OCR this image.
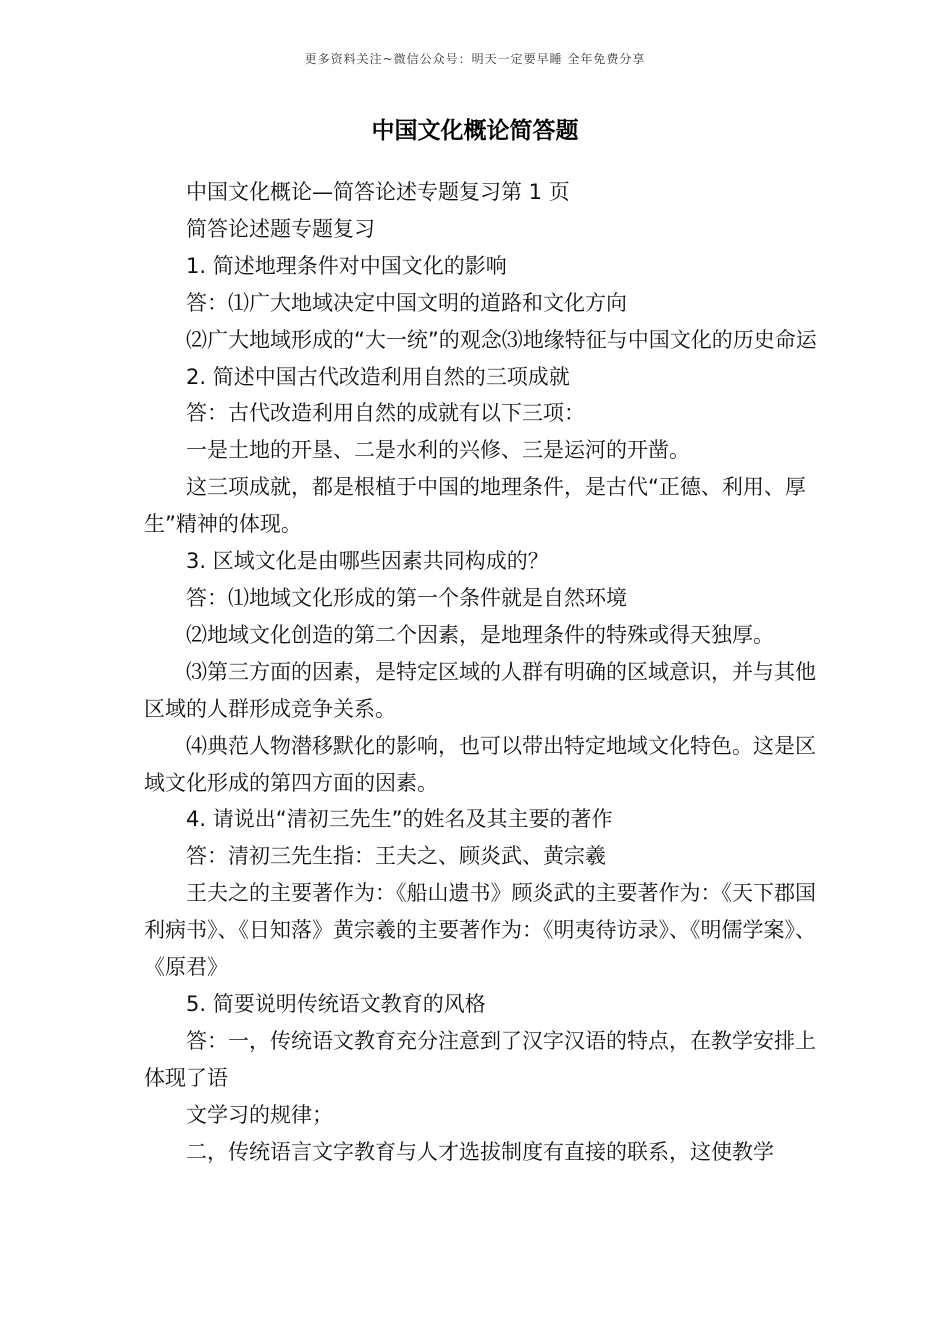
更多资料关注~微信公众号：明天一定要早睡 全年免费分享
中国文化概论简答题

中国文化概论—简答论述专题复习第 1 页

简答论述题专题复习

1. 简述地理条件对中国文化的影响

答：⑴广大地域决定中国文明的道路和文化方向

⑵广大地域形成的“大一统”的观念⑶地缘特征与中国文化的历史命运

2. 简述中国古代改造利用自然的三项成就

答：古代改造利用自然的成就有以下三项：

一是土地的开垦、二是水利的兴修、三是运河的开凿。

这三项成就，都是根植于中国的地理条件，是古代“正德、利用、厚生”精神的体现。

3. 区域文化是由哪些因素共同构成的？

答：⑴地域文化形成的第一个条件就是自然环境

⑵地域文化创造的第二个因素，是地理条件的特殊或得天独厚。

⑶第三方面的因素，是特定区域的人群有明确的区域意识，并与其他区域的人群形成竞争关系。

⑷典范人物潜移默化的影响，也可以带出特定地域文化特色。这是区域文化形成的第四方面的因素。

4. 请说出“清初三先生”的姓名及其主要的著作

答：清初三先生指：王夫之、顾炎武、黄宗羲

王夫之的主要著作为：《船山遗书》顾炎武的主要著作为：《天下郡国利病书》、《日知落》黄宗羲的主要著作为：《明夷待访录》、《明儒学案》、《原君》

5. 简要说明传统语文教育的风格

答：一，传统语文教育充分注意到了汉字汉语的特点，在教学安排上体现了语

文学习的规律；

二，传统语言文字教育与人才选拔制度有直接的联系，这使教学
